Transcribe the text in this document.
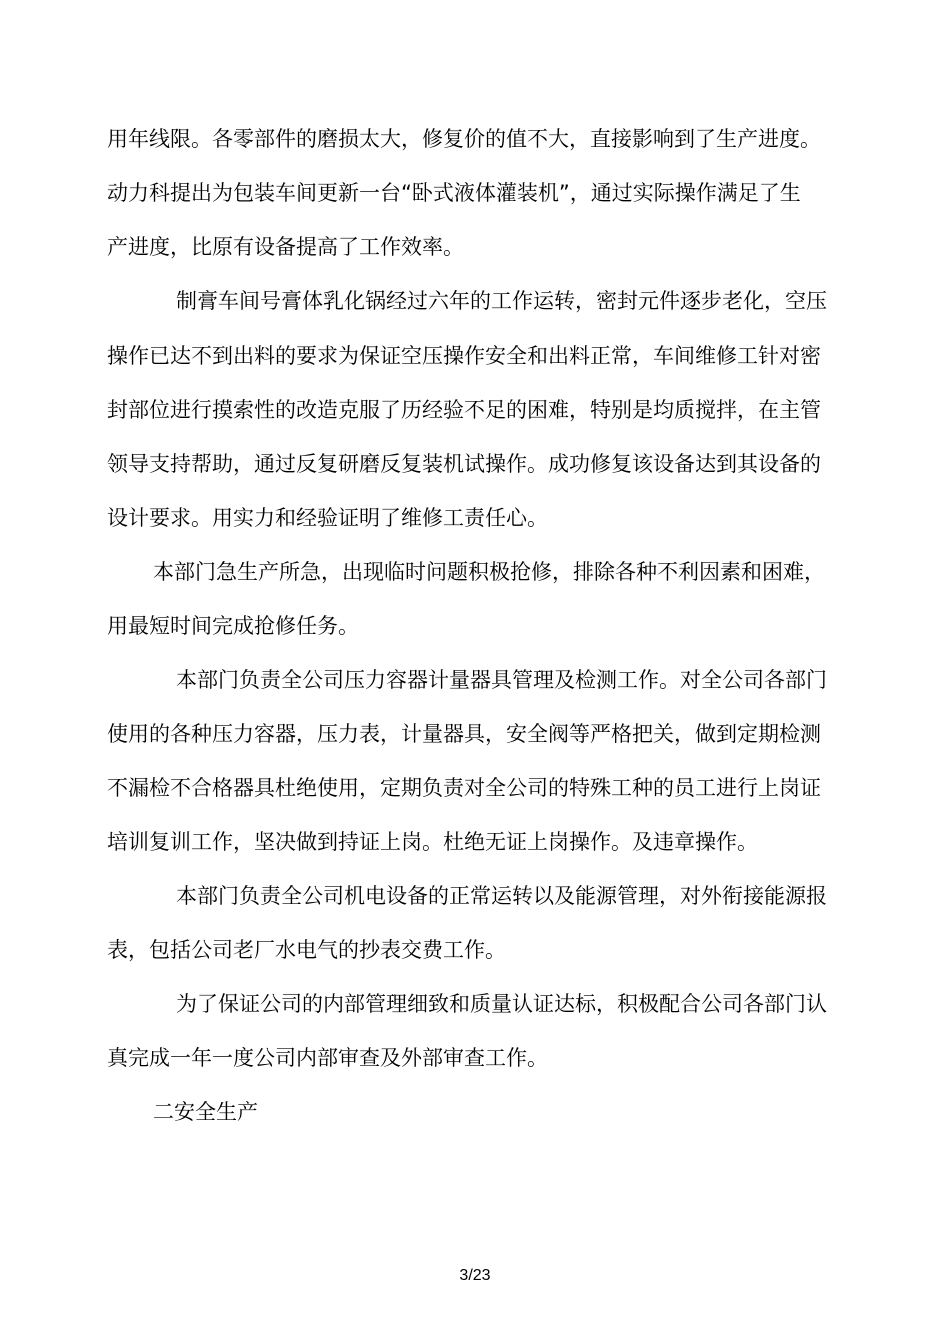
用年线限。各零部件的磨损太大，修复价的值不大，直接影响到了生产进度。
动力科提出为包装车间更新一台“卧式液体灌装机”，通过实际操作满足了生
产进度，比原有设备提高了工作效率。
制膏车间号膏体乳化锅经过六年的工作运转，密封元件逐步老化，空压
操作已达不到出料的要求为保证空压操作安全和出料正常，车间维修工针对密
封部位进行摸索性的改造克服了历经验不足的困难，特别是均质搅拌，在主管
领导支持帮助，通过反复研磨反复装机试操作。成功修复该设备达到其设备的
设计要求。用实力和经验证明了维修工责任心。
本部门急生产所急，出现临时问题积极抢修，排除各种不利因素和困难，
用最短时间完成抢修任务。
本部门负责全公司压力容器计量器具管理及检测工作。对全公司各部门
使用的各种压力容器，压力表，计量器具，安全阀等严格把关，做到定期检测
不漏检不合格器具杜绝使用，定期负责对全公司的特殊工种的员工进行上岗证
培训复训工作，坚决做到持证上岗。杜绝无证上岗操作。及违章操作。
本部门负责全公司机电设备的正常运转以及能源管理，对外衔接能源报
表，包括公司老厂水电气的抄表交费工作。
为了保证公司的内部管理细致和质量认证达标，积极配合公司各部门认
真完成一年一度公司内部审查及外部审查工作。
二安全生产
3/23
